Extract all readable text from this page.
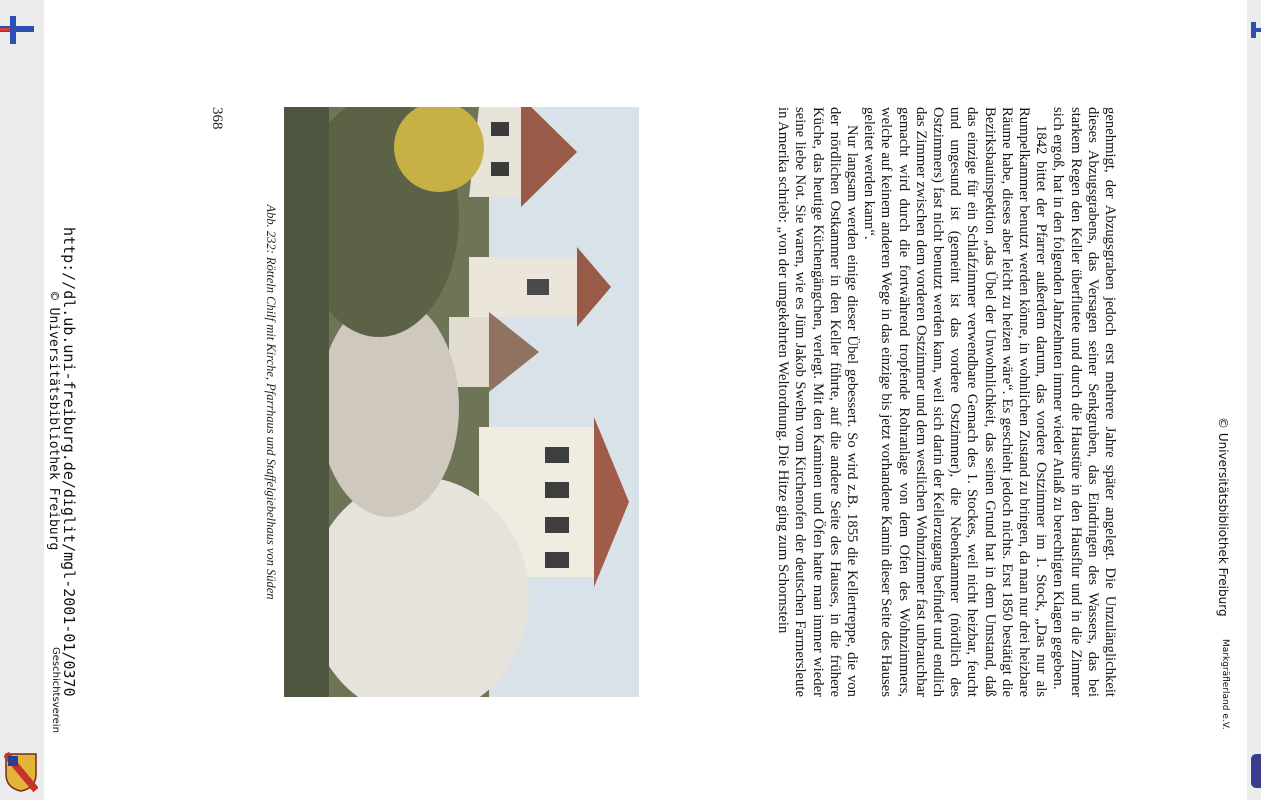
© Universitätsbibliothek Freiburg
Markgräflerland e.V.

genehmigt, der Abzugsgraben jedoch erst mehrere Jahre später angelegt. Die Unzulänglichkeit dieses Abzugsgrabens, das Versagen seiner Senkgruben, das Eindringen des Wassers, das bei starkem Regen den Keller überflutete und durch die Haustüre in den Hausflur und in die Zimmer sich ergoß, hat in den folgenden Jahrzehnten immer wieder Anlaß zu berechtigten Klagen gegeben.

1842 bittet der Pfarrer außerdem darum, das vordere Ostzimmer im 1. Stock, „Das nur als Rumpelkammer benutzt werden könne, in wohnlichen Zustand zu bringen, da man nur drei heizbare Räume habe, dieses aber leicht zu heizen wäre“. Es geschieht jedoch nichts. Erst 1850 bestätigt die Bezirksbauinspektion „das Übel der Unwohnlichkeit, das seinen Grund hat in dem Umstand, daß das einzige für ein Schlafzimmer verwendbare Gemach des 1. Stockes, weil nicht heizbar, feucht und ungesund ist (gemeint ist das vordere Ostzimmer), die Nebenkammer (nördlich des Ostzimmers) fast nicht benutzt werden kann, weil sich darin der Kellerzugang befindet und endlich das Zimmer zwischen dem vorderen Ostzimmer und dem westlichen Wohnzimmer fast unbrauchbar gemacht wird durch die fortwährend tropfende Rohranlage von dem Ofen des Wohnzimmers, welche auf keinem anderen Wege in das einzige bis jetzt vorhandene Kamin dieser Seite des Hauses geleitet werden kann“.

Nur langsam werden einige dieser Übel gebessert. So wird z.B. 1855 die Kellertreppe, die von der nördlichen Ostkammer in den Keller führte, auf die andere Seite des Hauses, in die frühere Küche, das heutige Küchengängchen, verlegt. Mit den Kaminen und Öfen hatte man immer wieder seine liebe Not. Sie waren, wie es Jüm Jakob Swehn vom Kirchenofen der deutschen Farmersleute in Amerika schrieb: „von der umgekehrten Weltordnung. Die Hitze ging zum Schornstein

Abb. 232: Rötteln Chilf mit Kirche, Pfarrhaus und Staffelgiebelhaus von Süden
368
http://dl.ub.uni-freiburg.de/diglit/mgl-2001-01/0370
© Universitätsbibliothek Freiburg
Geschichtsverein
